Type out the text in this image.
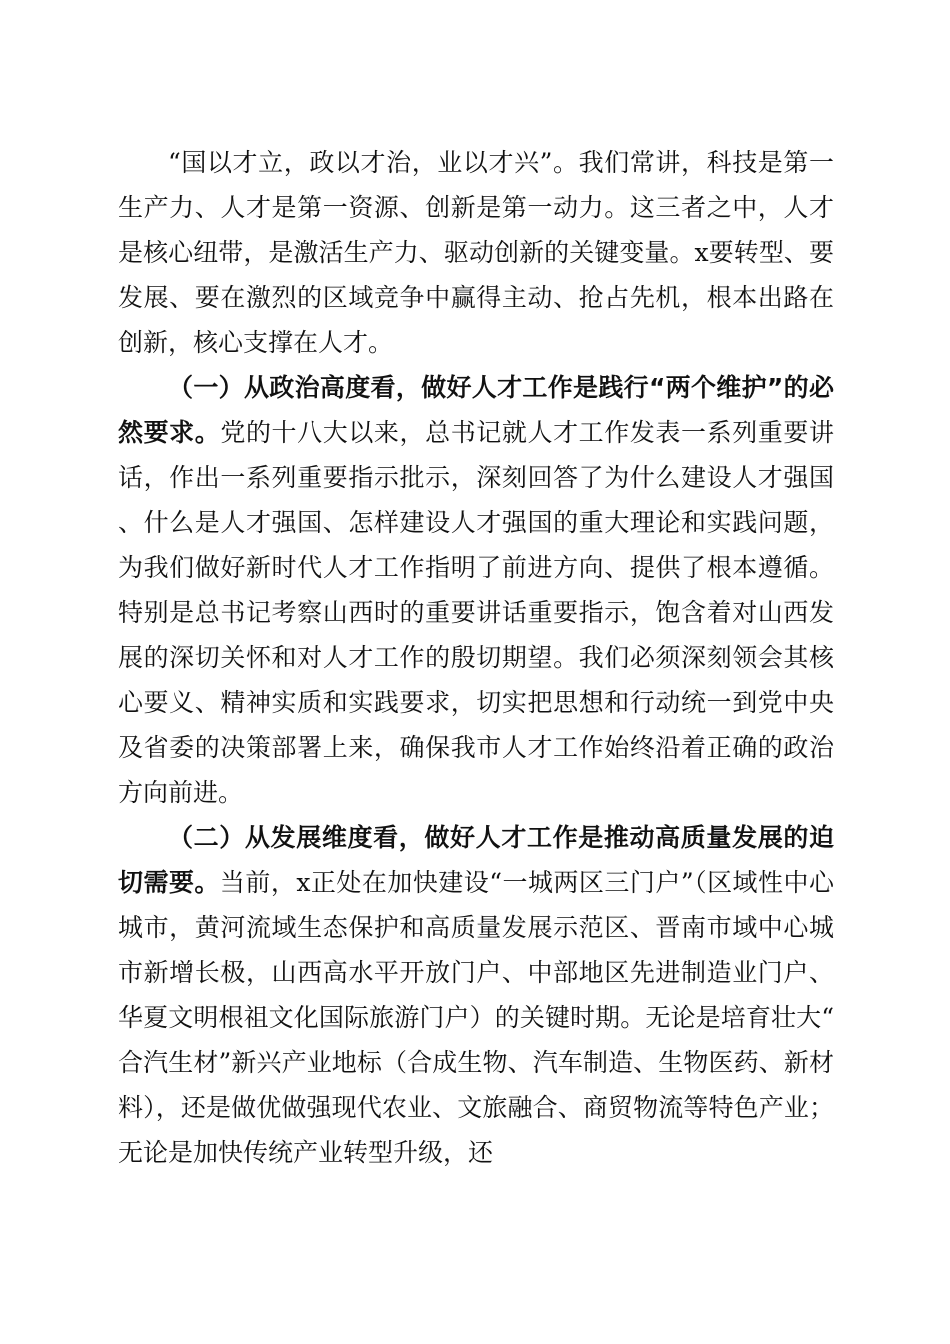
“国以才立，政以才治，业以才兴”。我们常讲，科技是第一生产力、人才是第一资源、创新是第一动力。这三者之中，人才是核心纽带，是激活生产力、驱动创新的关键变量。x要转型、要发展、要在激烈的区域竞争中赢得主动、抢占先机，根本出路在创新，核心支撑在人才。

（一）从政治高度看，做好人才工作是践行“两个维护”的必然要求。党的十八大以来，总书记就人才工作发表一系列重要讲话，作出一系列重要指示批示，深刻回答了为什么建设人才强国、什么是人才强国、怎样建设人才强国的重大理论和实践问题，为我们做好新时代人才工作指明了前进方向、提供了根本遵循。特别是总书记考察山西时的重要讲话重要指示，饱含着对山西发展的深切关怀和对人才工作的殷切期望。我们必须深刻领会其核心要义、精神实质和实践要求，切实把思想和行动统一到党中央及省委的决策部署上来，确保我市人才工作始终沿着正确的政治方向前进。

（二）从发展维度看，做好人才工作是推动高质量发展的迫切需要。当前，x正处在加快建设“一城两区三门户”（区域性中心城市，黄河流域生态保护和高质量发展示范区、晋南市域中心城市新增长极，山西高水平开放门户、中部地区先进制造业门户、华夏文明根祖文化国际旅游门户）的关键时期。无论是培育壮大“合汽生材”新兴产业地标（合成生物、汽车制造、生物医药、新材料），还是做优做强现代农业、文旅融合、商贸物流等特色产业；无论是加快传统产业转型升级，还
